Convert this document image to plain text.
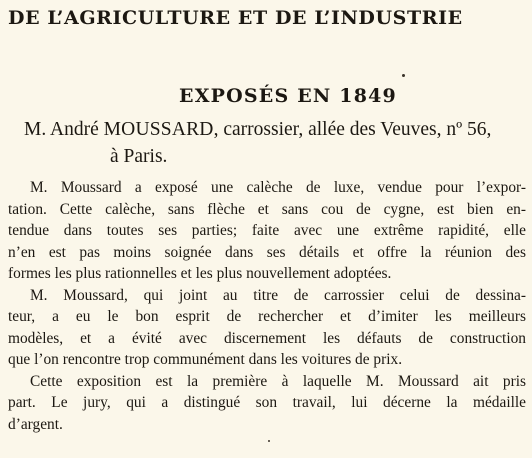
DE L’AGRICULTURE ET DE L’INDUSTRIE
EXPOSÉS EN 1849
M. André MOUSSARD, carrossier, allée des Veuves, nº 56,
à Paris.
M. Moussard a exposé une calèche de luxe, vendue pour l’expor-
tation. Cette calèche, sans flèche et sans cou de cygne, est bien en-
tendue dans toutes ses parties; faite avec une extrême rapidité, elle
n’en est pas moins soignée dans ses détails et offre la réunion des
formes les plus rationnelles et les plus nouvellement adoptées.
M. Moussard, qui joint au titre de carrossier celui de dessina-
teur, a eu le bon esprit de rechercher et d’imiter les meilleurs
modèles, et a évité avec discernement les défauts de construction
que l’on rencontre trop communément dans les voitures de prix.
Cette exposition est la première à laquelle M. Moussard ait pris
part. Le jury, qui a distingué son travail, lui décerne la médaille
d’argent.
